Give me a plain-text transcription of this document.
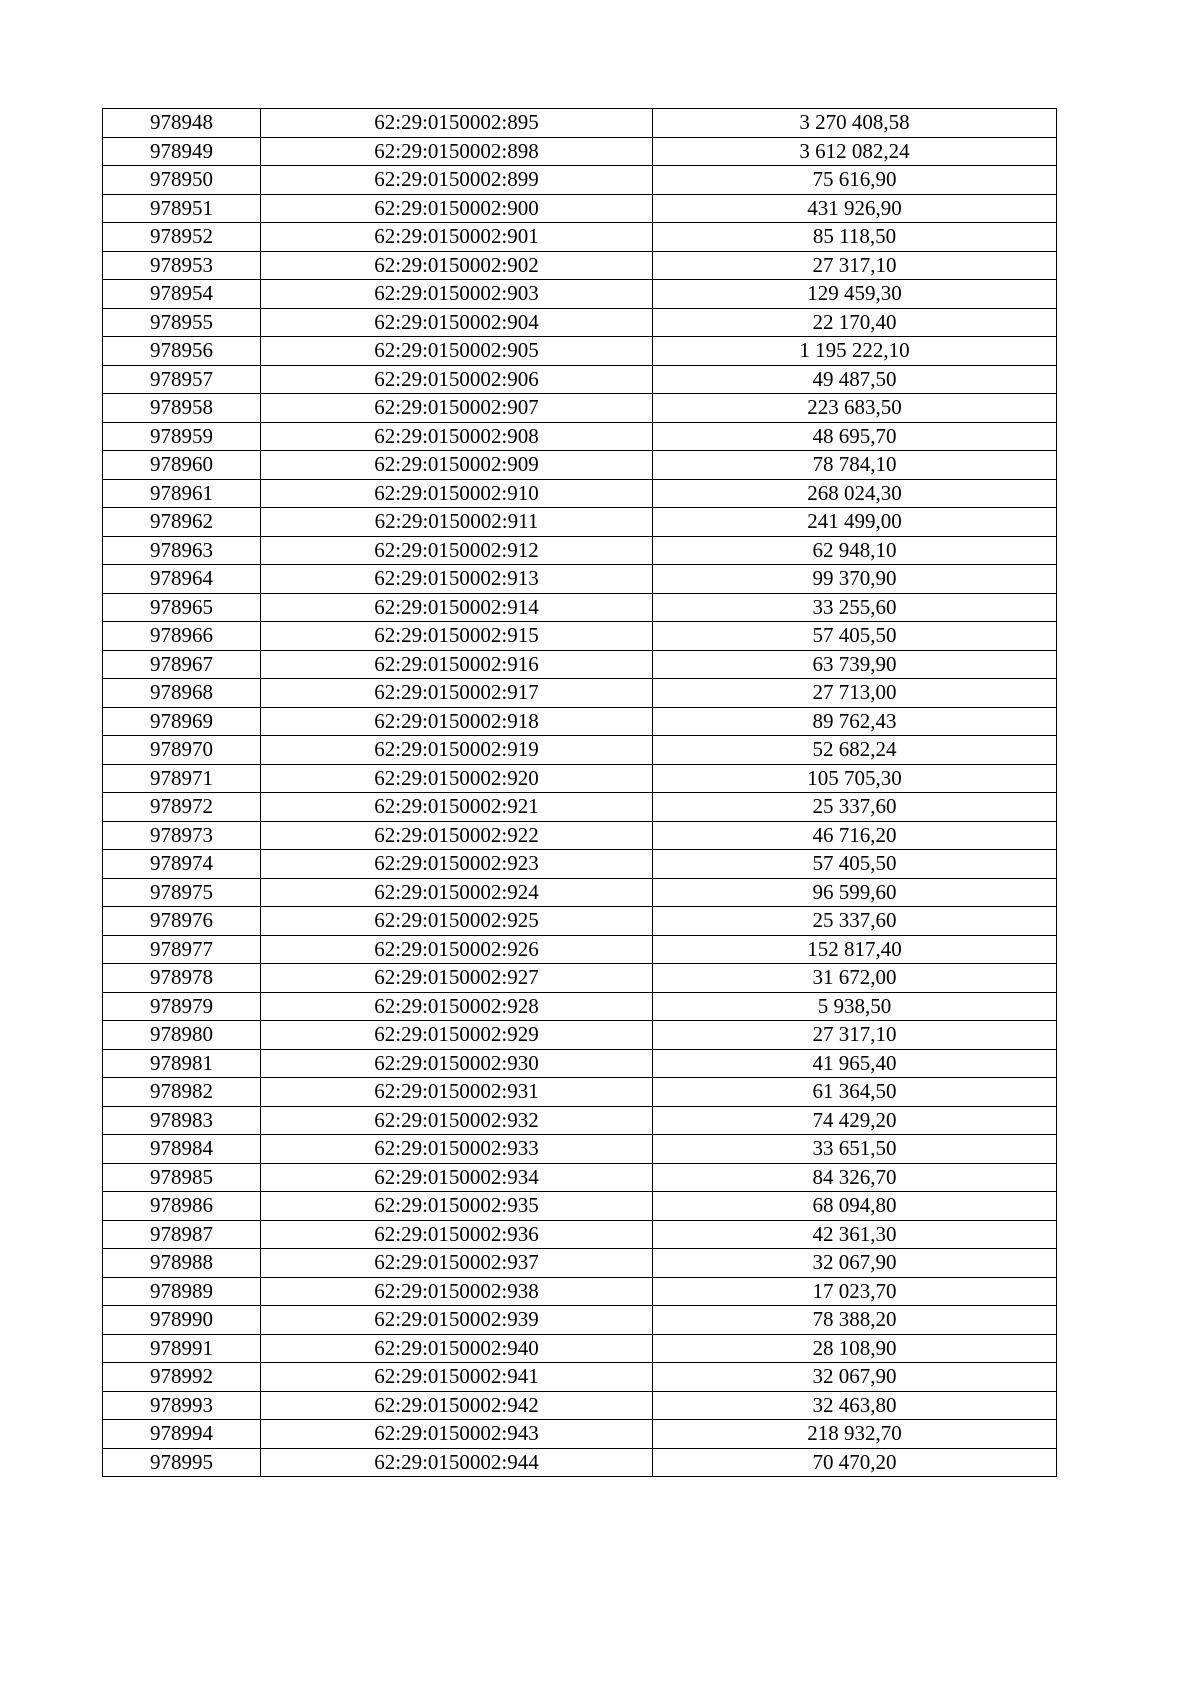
978948	62:29:0150002:895	3 270 408,58
978949	62:29:0150002:898	3 612 082,24
978950	62:29:0150002:899	75 616,90
978951	62:29:0150002:900	431 926,90
978952	62:29:0150002:901	85 118,50
978953	62:29:0150002:902	27 317,10
978954	62:29:0150002:903	129 459,30
978955	62:29:0150002:904	22 170,40
978956	62:29:0150002:905	1 195 222,10
978957	62:29:0150002:906	49 487,50
978958	62:29:0150002:907	223 683,50
978959	62:29:0150002:908	48 695,70
978960	62:29:0150002:909	78 784,10
978961	62:29:0150002:910	268 024,30
978962	62:29:0150002:911	241 499,00
978963	62:29:0150002:912	62 948,10
978964	62:29:0150002:913	99 370,90
978965	62:29:0150002:914	33 255,60
978966	62:29:0150002:915	57 405,50
978967	62:29:0150002:916	63 739,90
978968	62:29:0150002:917	27 713,00
978969	62:29:0150002:918	89 762,43
978970	62:29:0150002:919	52 682,24
978971	62:29:0150002:920	105 705,30
978972	62:29:0150002:921	25 337,60
978973	62:29:0150002:922	46 716,20
978974	62:29:0150002:923	57 405,50
978975	62:29:0150002:924	96 599,60
978976	62:29:0150002:925	25 337,60
978977	62:29:0150002:926	152 817,40
978978	62:29:0150002:927	31 672,00
978979	62:29:0150002:928	5 938,50
978980	62:29:0150002:929	27 317,10
978981	62:29:0150002:930	41 965,40
978982	62:29:0150002:931	61 364,50
978983	62:29:0150002:932	74 429,20
978984	62:29:0150002:933	33 651,50
978985	62:29:0150002:934	84 326,70
978986	62:29:0150002:935	68 094,80
978987	62:29:0150002:936	42 361,30
978988	62:29:0150002:937	32 067,90
978989	62:29:0150002:938	17 023,70
978990	62:29:0150002:939	78 388,20
978991	62:29:0150002:940	28 108,90
978992	62:29:0150002:941	32 067,90
978993	62:29:0150002:942	32 463,80
978994	62:29:0150002:943	218 932,70
978995	62:29:0150002:944	70 470,20
